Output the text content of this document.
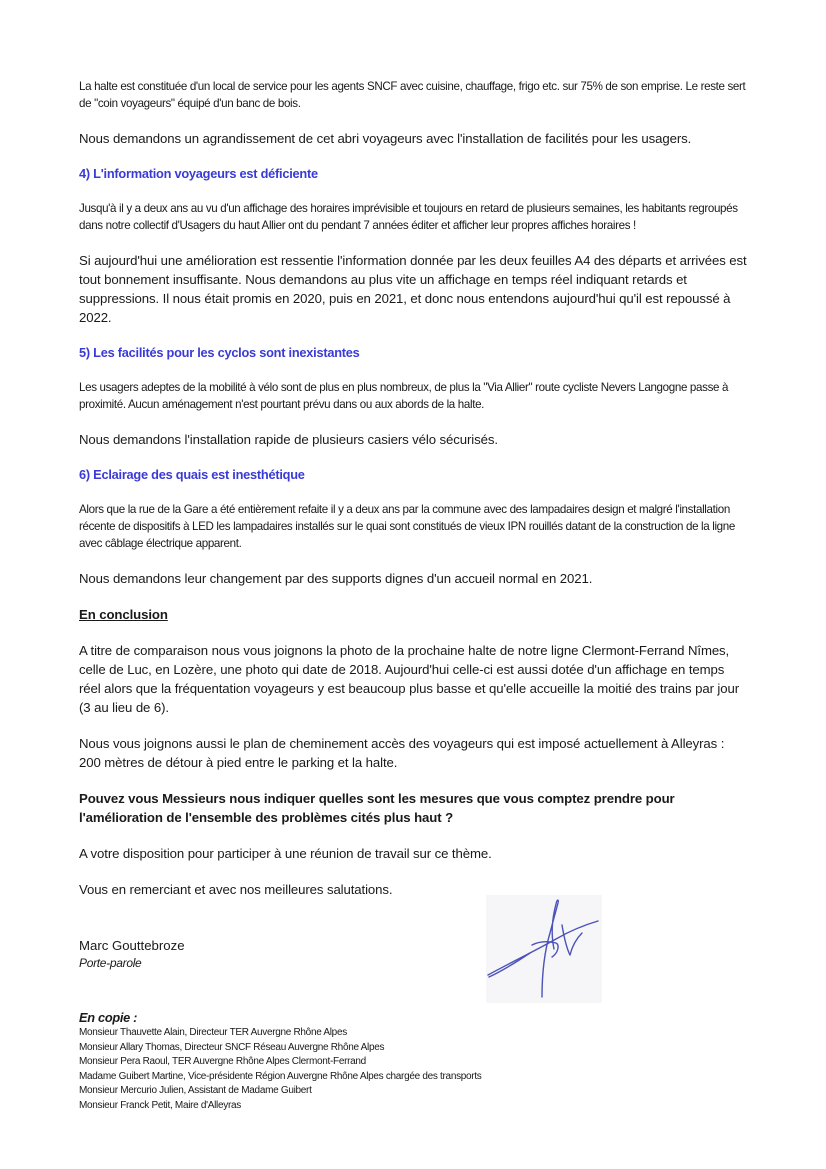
La halte est constituée d'un local de service pour les agents SNCF avec cuisine, chauffage, frigo etc. sur 75% de son emprise. Le reste sert de "coin voyageurs" équipé d'un banc de bois.

Nous demandons un agrandissement de cet abri voyageurs avec l'installation de facilités pour les usagers.

4) L'information voyageurs est déficiente

Jusqu'à il y a deux ans au vu d'un affichage des horaires imprévisible et toujours en retard de plusieurs semaines, les habitants regroupés dans notre collectif d'Usagers du haut Allier ont du pendant 7 années éditer et afficher leur propres affiches horaires !

Si aujourd'hui une amélioration est ressentie l'information donnée par les deux feuilles A4 des départs et arrivées est tout bonnement insuffisante. Nous demandons au plus vite un affichage en temps réel indiquant retards et suppressions. Il nous était promis en 2020, puis en 2021, et donc nous entendons aujourd'hui qu'il est repoussé à 2022.

5) Les facilités pour les cyclos sont inexistantes

Les usagers adeptes de la mobilité à vélo sont de plus en plus nombreux, de plus la "Via Allier" route cycliste Nevers Langogne passe à proximité. Aucun aménagement n'est pourtant prévu dans ou aux abords de la halte.

Nous demandons l'installation rapide de plusieurs casiers vélo sécurisés.

6) Eclairage des quais est inesthétique

Alors que la rue de la Gare a été entièrement refaite il y a deux ans par la commune avec des lampadaires design et malgré l'installation récente de dispositifs à LED les lampadaires installés sur le quai sont constitués de vieux IPN rouillés datant de la construction de la ligne avec câblage électrique apparent.

Nous demandons leur changement par des supports dignes d'un accueil normal en 2021.

En conclusion

A titre de comparaison nous vous joignons la photo de la prochaine halte de notre ligne Clermont-Ferrand Nîmes, celle de Luc, en Lozère, une photo qui date de 2018. Aujourd'hui celle-ci est aussi dotée d'un affichage en temps réel alors que la fréquentation voyageurs y est beaucoup plus basse et qu'elle accueille la moitié des trains par jour (3 au lieu de 6).

Nous vous joignons aussi le plan de cheminement accès des voyageurs qui est imposé actuellement à Alleyras : 200 mètres de détour à pied entre le parking et la halte.

Pouvez vous Messieurs nous indiquer quelles sont les mesures que vous comptez prendre pour l'amélioration de l'ensemble des problèmes cités plus haut ?

A votre disposition pour participer à une réunion de travail sur ce thème.

Vous en remerciant et avec nos meilleures salutations.

Marc Gouttebroze

Porte-parole

En copie :

Monsieur Thauvette Alain, Directeur TER Auvergne Rhône Alpes

Monsieur Allary Thomas, Directeur SNCF Réseau Auvergne Rhône Alpes

Monsieur Pera Raoul, TER Auvergne Rhône Alpes Clermont-Ferrand

Madame Guibert Martine, Vice-présidente Région Auvergne Rhône Alpes chargée des transports

Monsieur Mercurio Julien, Assistant de Madame Guibert

Monsieur Franck Petit, Maire d'Alleyras
